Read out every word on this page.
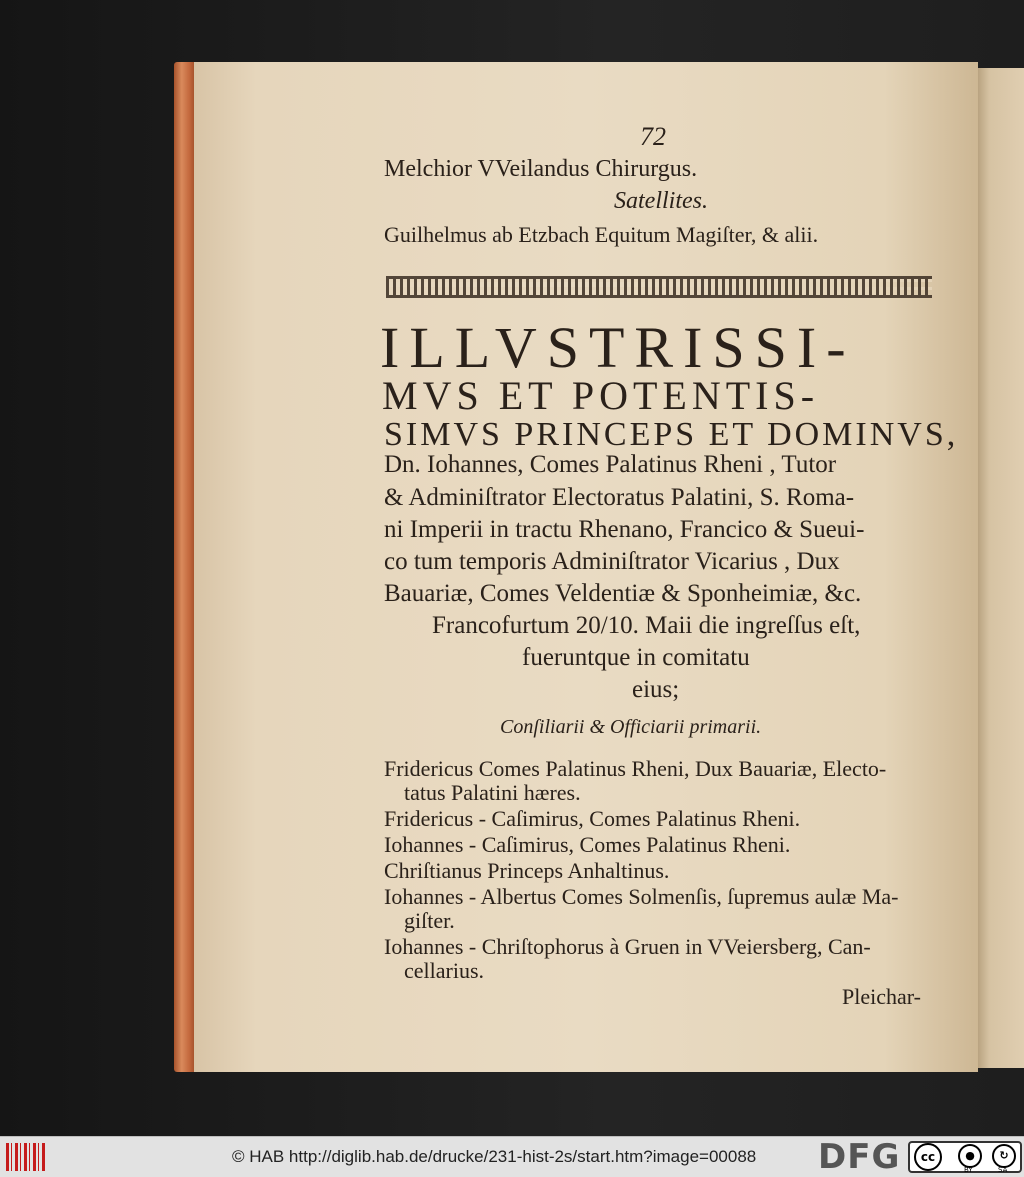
72
Melchior VVeilandus Chirurgus.
Satellites.
Guilhelmus ab Etzbach Equitum Magiſter, & alii.
ILLVSTRISSI-
MVS ET POTENTIS-
SIMVS PRINCEPS ET DOMINVS,
Dn. Iohannes, Comes Palatinus Rheni , Tutor
& Adminiſtrator Electoratus Palatini, S. Roma-
ni Imperii in tractu Rhenano, Francico & Sueui-
co tum temporis Adminiſtrator Vicarius , Dux
Bauariæ, Comes Veldentiæ & Sponheimiæ, &c.
Francofurtum 20/10. Maii die ingreſſus eſt,
fueruntque in comitatu
eius;
Conſiliarii & Officiarii primarii.
Fridericus Comes Palatinus Rheni, Dux Bauariæ, Electo-
tatus Palatini hæres.
Fridericus - Caſimirus, Comes Palatinus Rheni.
Iohannes - Caſimirus, Comes Palatinus Rheni.
Chriſtianus Princeps Anhaltinus.
Iohannes - Albertus Comes Solmenſis, ſupremus aulæ Ma-
giſter.
Iohannes - Chriſtophorus à Gruen in VVeiersberg, Can-
cellarius.
Pleichar-
© HAB http://diglib.hab.de/drucke/231-hist-2s/start.htm?image=00088 DFG	cc	●	↻
BY	SA
